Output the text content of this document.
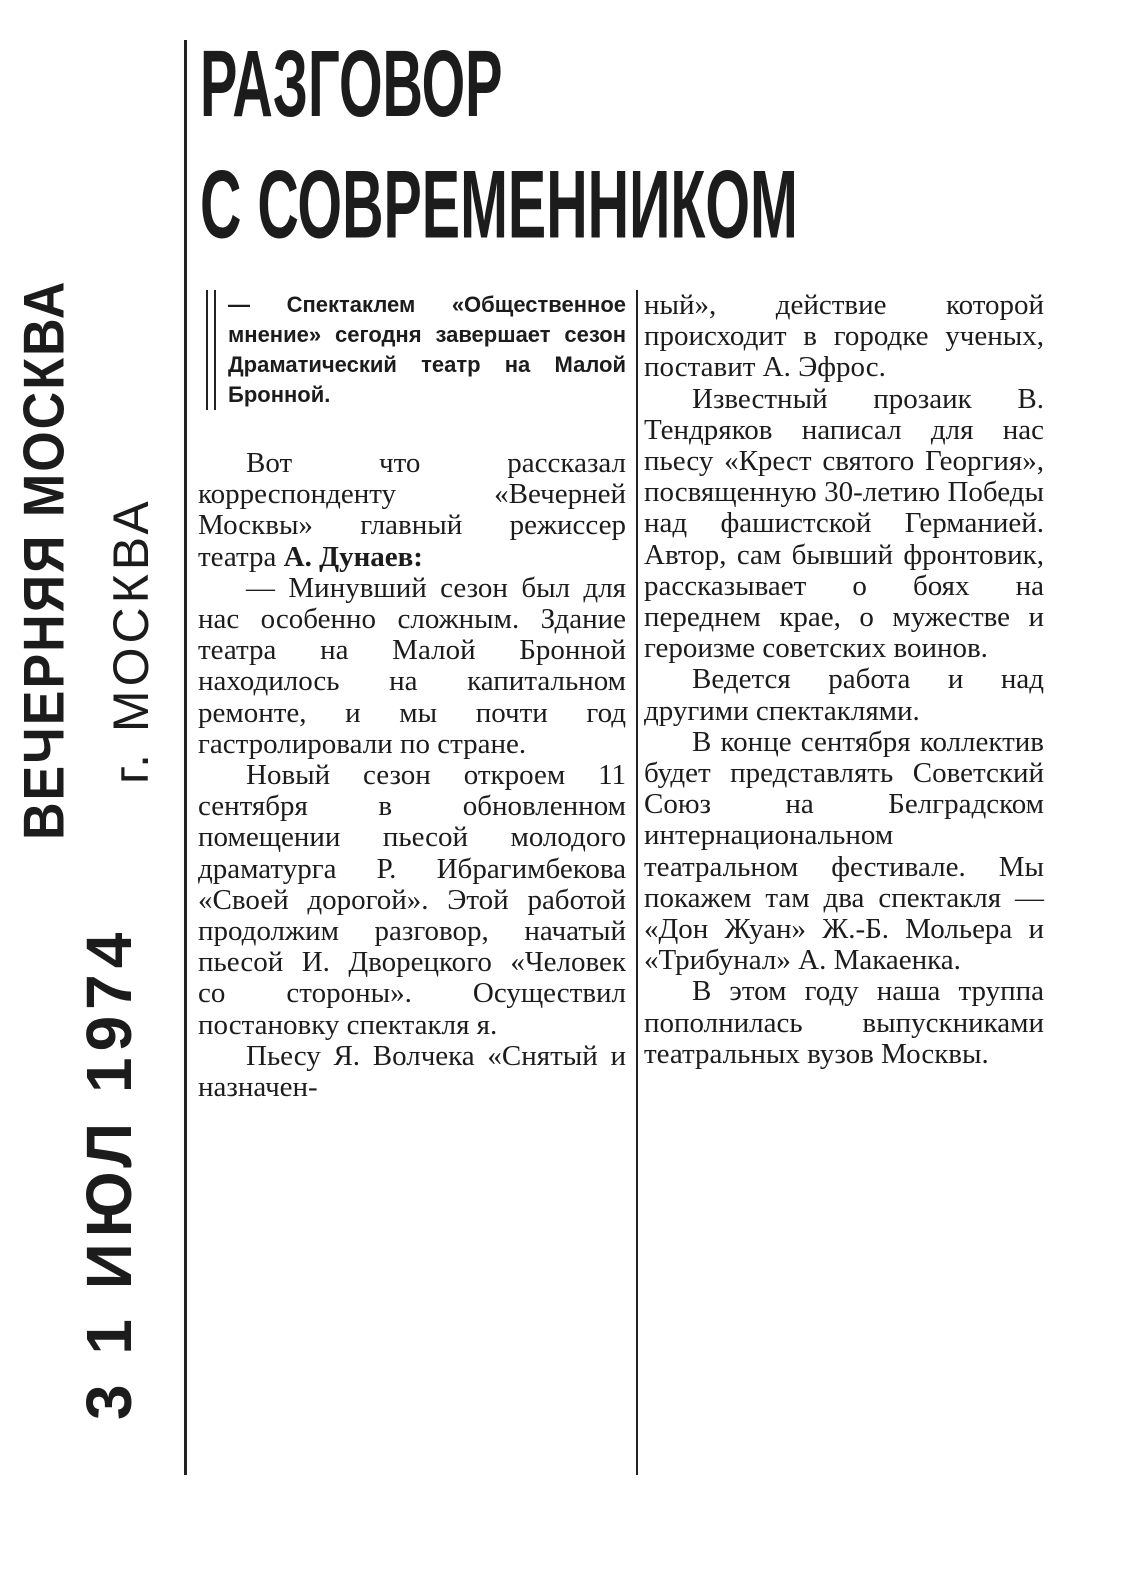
ВЕЧЕРНЯЯ МОСКВА г. МОСКВА
3 1 ИЮЛ 1974
РАЗГОВОР
С СОВРЕМЕННИКОМ
— Спектаклем «Общественное мнение» сегодня завершает сезон Драматический театр на Малой Бронной.

Вот что рассказал корреспонденту «Вечерней Москвы» главный режиссер театра А. Дунаев:

— Минувший сезон был для нас особенно сложным. Здание театра на Малой Бронной находилось на капитальном ремонте, и мы почти год гастролировали по стране.

Новый сезон откроем 11 сентября в обновленном помещении пьесой молодого драматурга Р. Ибрагимбекова «Своей дорогой». Этой работой продолжим разговор, начатый пьесой И. Дворецкого «Человек со стороны». Осуществил постановку спектакля я.

Пьесу Я. Волчека «Снятый и назначен-

ный», действие которой происходит в городке ученых, поставит А. Эфрос.

Известный прозаик В. Тендряков написал для нас пьесу «Крест святого Георгия», посвященную 30-летию Победы над фашистской Германией. Автор, сам бывший фронтовик, рассказывает о боях на переднем крае, о мужестве и героизме советских воинов.

Ведется работа и над другими спектаклями.

В конце сентября коллектив будет представлять Советский Союз на Белградском интернациональном театральном фестивале. Мы покажем там два спектакля — «Дон Жуан» Ж.-Б. Мольера и «Трибунал» А. Макаенка.

В этом году наша труппа пополнилась выпускниками театральных вузов Москвы.
